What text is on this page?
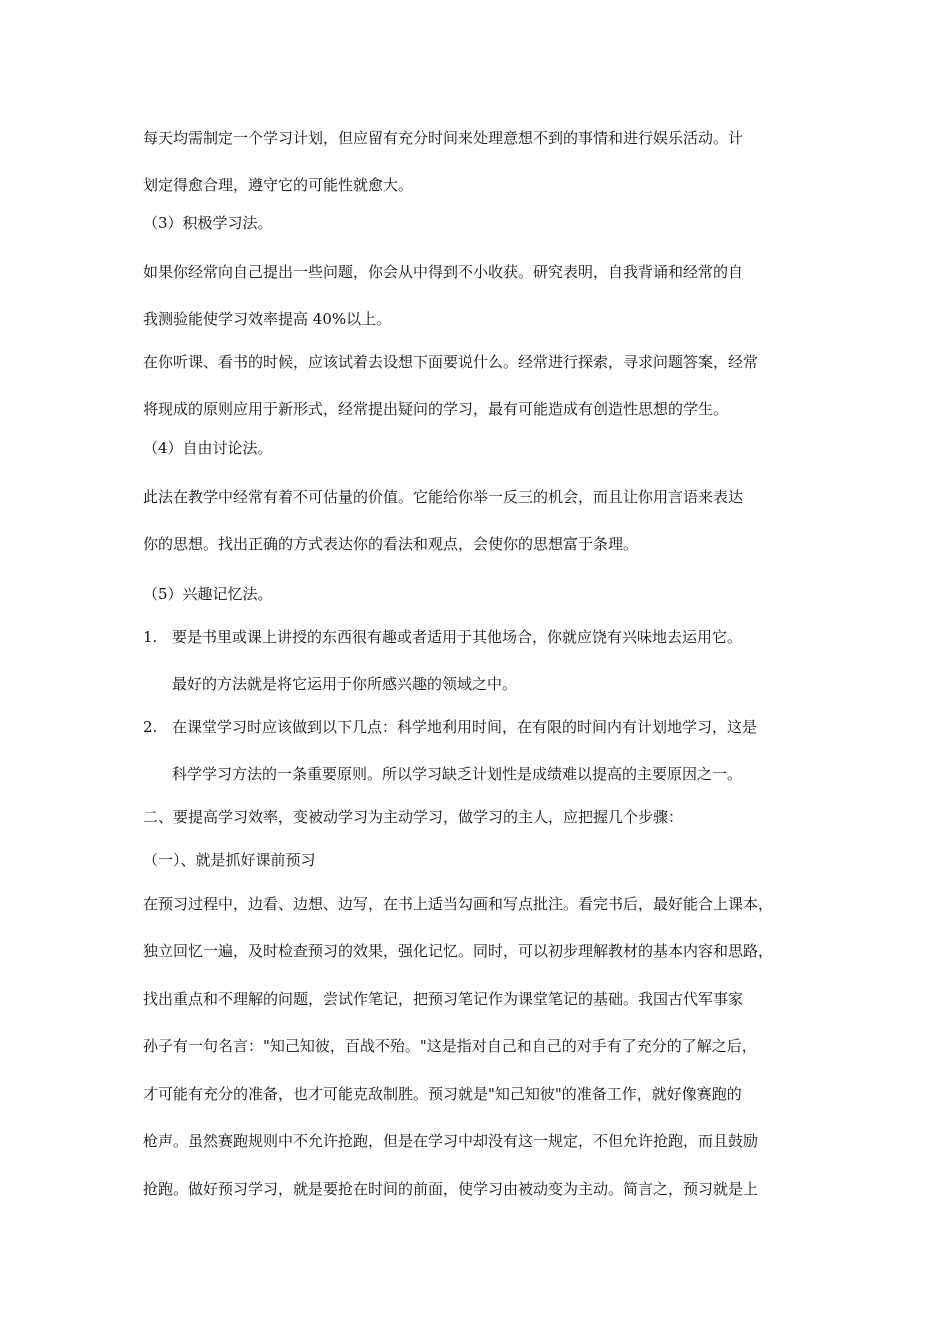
每天均需制定一个学习计划，但应留有充分时间来处理意想不到的事情和进行娱乐活动。计
划定得愈合理，遵守它的可能性就愈大。
（3）积极学习法。
如果你经常向自己提出一些问题，你会从中得到不小收获。研究表明，自我背诵和经常的自
我测验能使学习效率提高 40%以上。
在你听课、看书的时候，应该试着去设想下面要说什么。经常进行探索，寻求问题答案，经常
将现成的原则应用于新形式，经常提出疑问的学习，最有可能造成有创造性思想的学生。
（4）自由讨论法。
此法在教学中经常有着不可估量的价值。它能给你举一反三的机会，而且让你用言语来表达
你的思想。找出正确的方式表达你的看法和观点，会使你的思想富于条理。
（5）兴趣记忆法。
1. 要是书里或课上讲授的东西很有趣或者适用于其他场合，你就应饶有兴味地去运用它。
最好的方法就是将它运用于你所感兴趣的领域之中。
2. 在课堂学习时应该做到以下几点：科学地利用时间，在有限的时间内有计划地学习，这是
科学学习方法的一条重要原则。所以学习缺乏计划性是成绩难以提高的主要原因之一。
二、要提高学习效率，变被动学习为主动学习，做学习的主人，应把握几个步骤：
（一）、就是抓好课前预习
在预习过程中，边看、边想、边写，在书上适当勾画和写点批注。看完书后，最好能合上课本，
独立回忆一遍，及时检查预习的效果，强化记忆。同时，可以初步理解教材的基本内容和思路，
找出重点和不理解的问题，尝试作笔记，把预习笔记作为课堂笔记的基础。我国古代军事家
孙子有一句名言："知己知彼，百战不殆。"这是指对自己和自己的对手有了充分的了解之后，
才可能有充分的准备，也才可能克敌制胜。预习就是"知己知彼"的准备工作，就好像赛跑的
枪声。虽然赛跑规则中不允许抢跑，但是在学习中却没有这一规定，不但允许抢跑，而且鼓励
抢跑。做好预习学习，就是要抢在时间的前面，使学习由被动变为主动。简言之，预习就是上
